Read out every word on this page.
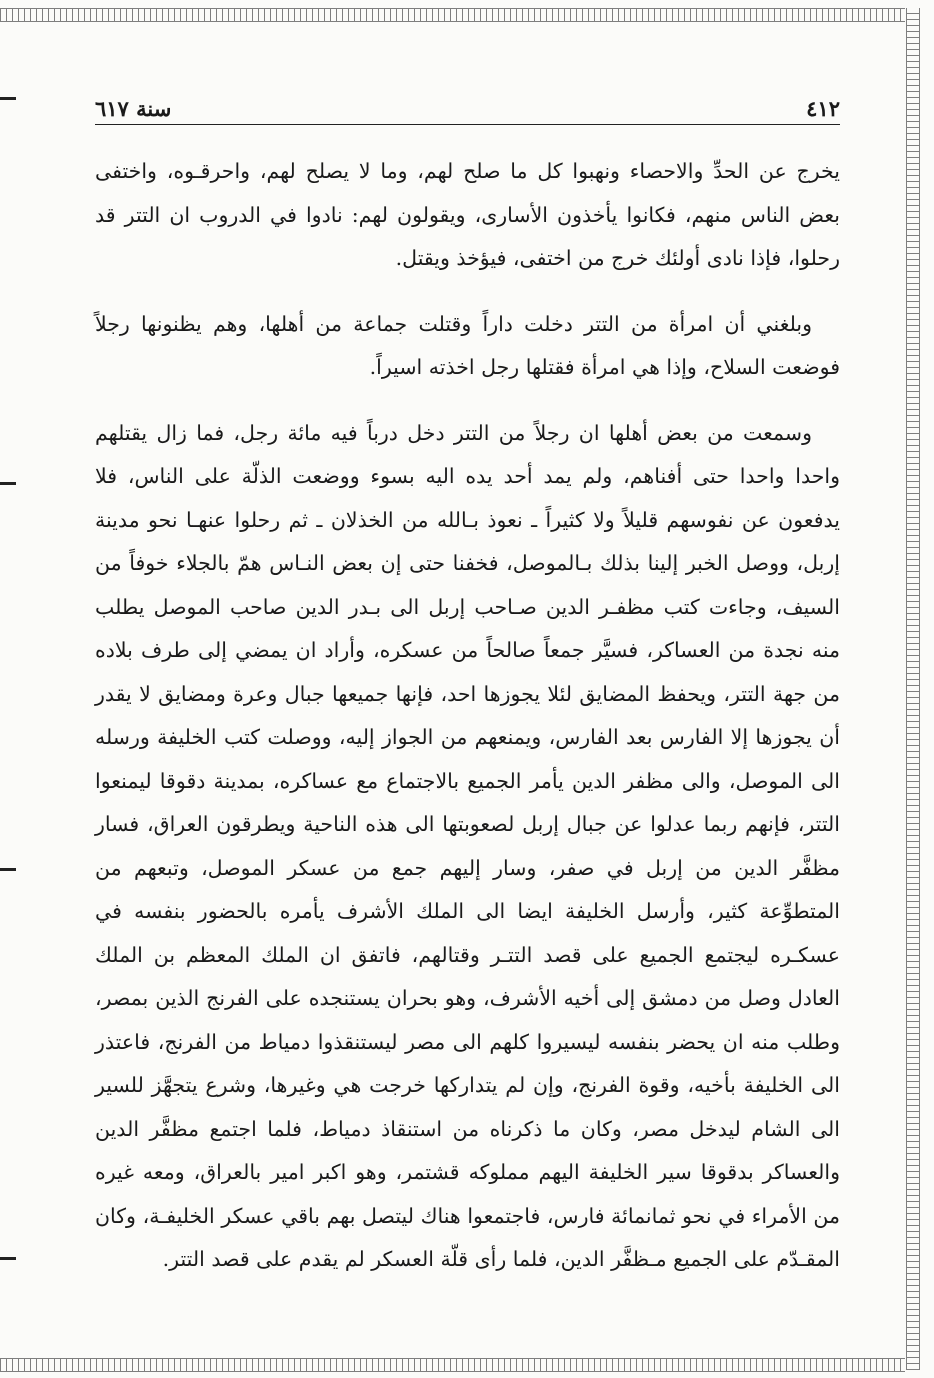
٤١٢
سنة ٦١٧

يخرج عن الحدِّ والاحصاء ونهبوا كل ما صلح لهم، وما لا يصلح لهم، واحرقـوه، واختفى بعض الناس منهم، فكانوا يأخذون الأسارى، ويقولون لهم: نادوا في الدروب ان التتر قد رحلوا، فإذا نادى أولئك خرج من اختفى، فيؤخذ ويقتل.

وبلغني أن امرأة من التتر دخلت داراً وقتلت جماعة من أهلها، وهم يظنونها رجلاً فوضعت السلاح، وإذا هي امرأة فقتلها رجل اخذته اسيراً.

وسمعت من بعض أهلها ان رجلاً من التتر دخل درباً فيه مائة رجل، فما زال يقتلهم واحدا واحدا حتى أفناهم، ولم يمد أحد يده اليه بسوء ووضعت الذلّة على الناس، فلا يدفعون عن نفوسهم قليلاً ولا كثيراً ـ نعوذ بـالله من الخذلان ـ ثم رحلوا عنهـا نحو مدينة إربل، ووصل الخبر إلينا بذلك بـالموصل، فخفنا حتى إن بعض النـاس همّ بالجلاء خوفاً من السيف، وجاءت كتب مظفـر الدين صـاحب إربل الى بـدر الدين صاحب الموصل يطلب منه نجدة من العساكر، فسيَّر جمعاً صالحاً من عسكره، وأراد ان يمضي إلى طرف بلاده من جهة التتر، ويحفظ المضايق لئلا يجوزها احد، فإنها جميعها جبال وعرة ومضايق لا يقدر أن يجوزها إلا الفارس بعد الفارس، ويمنعهم من الجواز إليه، ووصلت كتب الخليفة ورسله الى الموصل، والى مظفر الدين يأمر الجميع بالاجتماع مع عساكره، بمدينة دقوقا ليمنعوا التتر، فإنهم ربما عدلوا عن جبال إربل لصعوبتها الى هذه الناحية ويطرقون العراق، فسار مظفَّر الدين من إربل في صفر، وسار إليهم جمع من عسكر الموصل، وتبعهم من المتطوِّعة كثير، وأرسل الخليفة ايضا الى الملك الأشرف يأمره بالحضور بنفسه في عسكـره ليجتمع الجميع على قصد التتـر وقتالهم، فاتفق ان الملك المعظم بن الملك العادل وصل من دمشق إلى أخيه الأشرف، وهو بحران يستنجده على الفرنج الذين بمصر، وطلب منه ان يحضر بنفسه ليسيروا كلهم الى مصر ليستنقذوا دمياط من الفرنج، فاعتذر الى الخليفة بأخيه، وقوة الفرنج، وإن لم يتداركها خرجت هي وغيرها، وشرع يتجهَّز للسير الى الشام ليدخل مصر، وكان ما ذكرناه من استنقاذ دمياط، فلما اجتمع مظفَّر الدين والعساكر بدقوقا سير الخليفة اليهم مملوكه قشتمر، وهو اكبر امير بالعراق، ومعه غيره من الأمراء في نحو ثمانمائة فارس، فاجتمعوا هناك ليتصل بهم باقي عسكر الخليفـة، وكان المقـدّم على الجميع مـظفَّر الدين، فلما رأى قلّة العسكر لم يقدم على قصد التتر.
